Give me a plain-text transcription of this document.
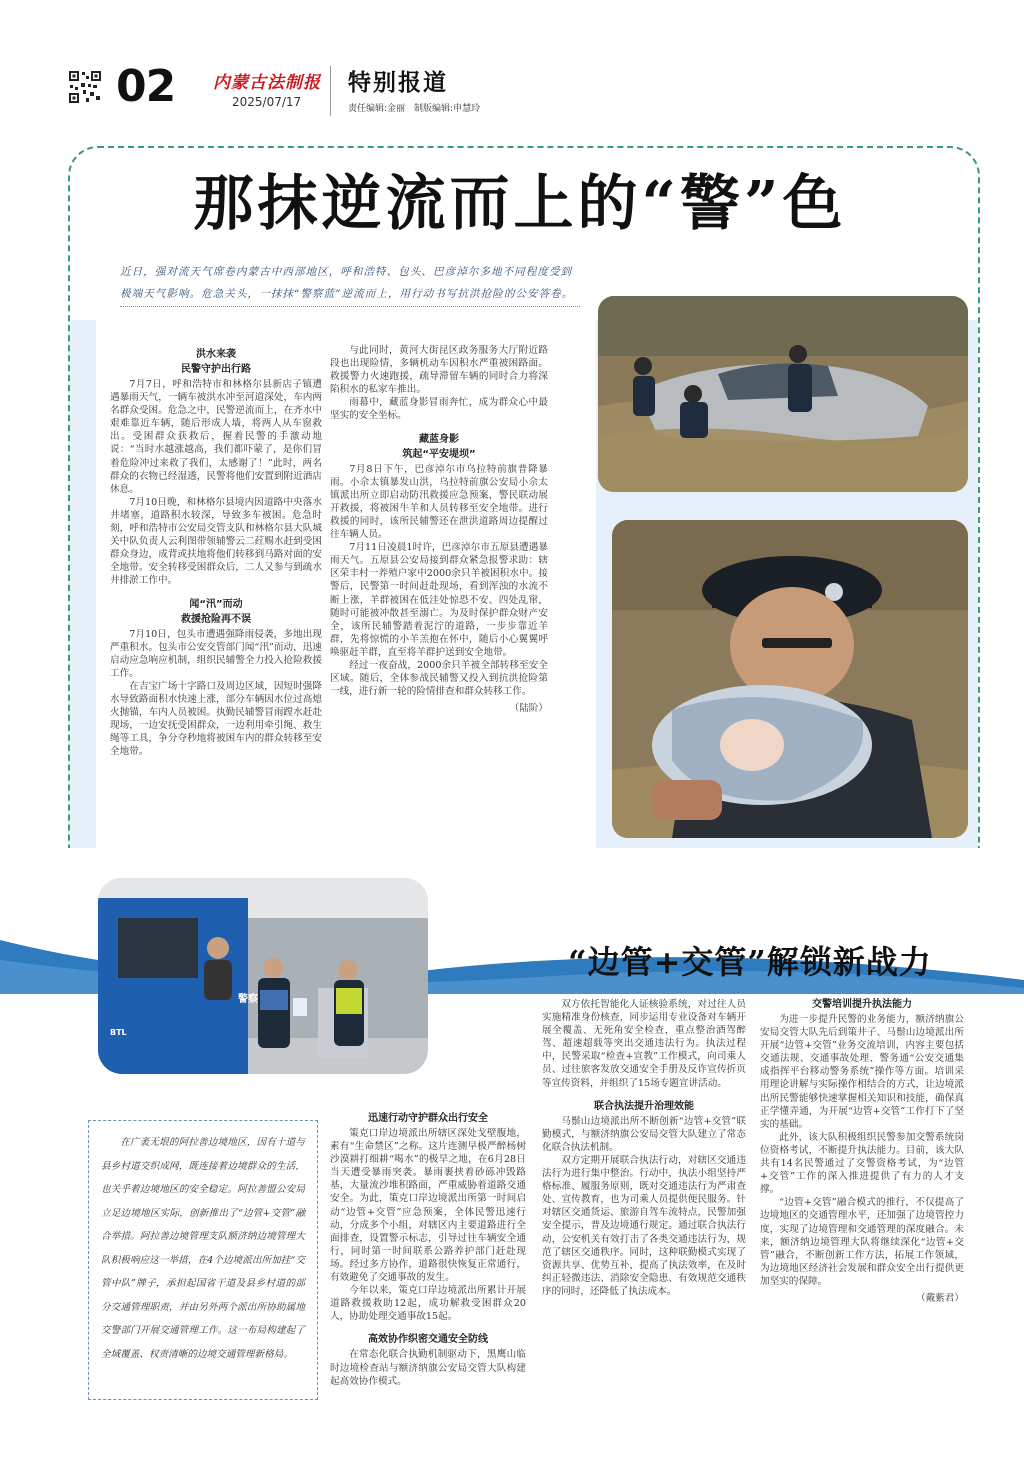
02 内蒙古法制报
2025/07/17
特别报道
责任编辑:金丽　制版编辑:申慧玲
那抹逆流而上的“警”色
近日，强对流天气席卷内蒙古中西部地区，呼和浩特、包头、巴彦淖尔多地不同程度受到极端天气影响。危急关头，一抹抹“警察蓝”逆流而上，用行动书写抗洪抢险的公安答卷。
洪水来袭
民警守护出行路

7月7日，呼和浩特市和林格尔县新店子镇遭遇暴雨天气，一辆车被洪水冲至河道深处，车内两名群众受困。危急之中，民警逆流而上，在齐水中艰难靠近车辆，随后形成人墙，将两人从车窗救出。受困群众获救后，握着民警的手激动地说：“当时水越涨越高，我们都吓蒙了，是你们冒着危险冲过来救了我们，太感谢了！”此时，两名群众的衣物已经湿透，民警将他们安置到附近酒店休息。

7月10日晚，和林格尔县境内因道路中央落水井堵塞，道路积水较深，导致多车被困。危急时刻，呼和浩特市公安局交管支队和林格尔县大队城关中队负责人云利图带领辅警云二荭赐水赶到受困群众身边，成背或扶地将他们转移到马路对面的安全地带。安全转移受困群众后，二人又参与到疏水井排淤工作中。

闻“汛”而动
救援抢险再不误

7月10日，包头市遭遇强降雨侵袭，多地出现严重积水。包头市公安交管部门闻“汛”而动，迅速启动应急响应机制，组织民辅警全力投入抢险救援工作。

在吉宝广场十字路口及周边区域，因短时强降水导致路面积水快速上涨，部分车辆因水位过高熄火抛锚，车内人员被困。执勤民辅警冒雨蹚水赶赴现场，一边安抚受困群众，一边利用牵引绳、救生绳等工具，争分夺秒地将被困车内的群众转移至安全地带。

与此同时，黄河大街昆区政务服务大厅附近路段也出现险情，多辆机动车因积水严重被困路面。救援警力火速跑援，疏导滞留车辆的同时合力将深陷积水的私家车推出。

雨幕中，藏蓝身影冒雨奔忙，成为群众心中最坚实的安全坐标。

藏蓝身影
筑起“平安堤坝”

7月8日下午，巴彦淖尔市乌拉特前旗普降暴雨。小佘太镇暴发山洪，乌拉特前旗公安局小佘太镇派出所立即启动防汛救援应急预案，警民联动展开救援，将被困牛羊和人员转移至安全地带。进行救援的同时，该所民辅警还在泄洪道路周边提醒过往车辆人员。

7月11日凌晨1时许，巴彦淖尔市五原县遭遇暴雨天气。五原县公安局接到群众紧急报警求助：辖区荣丰村一养殖户家中2000余只羊被困积水中。接警后，民警第一时间赶赴现场，看到浑浊的水流不断上涨，羊群被困在低洼处惊恐不安、四处乱窜，随时可能被冲散甚至溺亡。为及时保护群众财产安全，该所民辅警踏着泥泞的道路，一步步靠近羊群，先将惊慌的小羊羔抱在怀中，随后小心翼翼呼唤驱赶羊群，直至将羊群护送到安全地带。

经过一夜奋战，2000余只羊被全部转移至安全区域。随后，全体参战民辅警又投入到抗洪抢险第一线，进行新一轮的险情排查和群众转移工作。

（陆阶）
BTL
警察
“边管+交管”解锁新战力
在广袤无垠的阿拉善边境地区，因有十道与县乡村道交织成网，既连接着边境群众的生活，也关乎着边境地区的安全稳定。阿拉善盟公安局立足边境地区实际，创新推出了“边管+交管”融合举措。阿拉善边境管理支队额济纳边境管理大队积极响应这一举措，在4个边境派出所加挂“交管中队”牌子，承担起国省干道及县乡村道的部分交通管理职责，并由另外两个派出所协助属地交警部门开展交通管理工作。这一布局构建起了全域覆盖、权责清晰的边境交通管理新格局。
迅速行动守护群众出行安全

策克口岸边境派出所辖区深处戈壁腹地，素有“生命禁区”之称。这片连测早极严醉杨树沙漠耕打细耕“喝水”的极旱之地，在6月28日当天遭受暴雨突袭。暴雨裹挟着砂砾冲毁路基，大量流沙堆积路面，严重威胁着道路交通安全。为此，策克口岸边境派出所第一时间启动“边管+交管”应急预案，全体民警迅速行动，分成多个小组，对辖区内主要道路进行全面排查，设置警示标志，引导过往车辆安全通行，同时第一时间联系公路养护部门赶赴现场。经过多方协作，道路很快恢复正常通行，有效避免了交通事故的发生。

今年以来，策克口岸边境派出所累计开展道路救援救助12起，成功解救受困群众20人，协助处理交通事故15起。

高效协作织密交通安全防线

在常态化联合执勤机制驱动下，黑鹰山临时边境检查站与额济纳旗公安局交管大队构建起高效协作模式。

双方依托智能化人证核验系统，对过往人员实施精准身份核查，同步运用专业设备对车辆开展全覆盖、无死角安全检查，重点整治酒驾醉驾、超速超载等突出交通违法行为。执法过程中，民警采取“检查+宣教”工作模式，向司乘人员、过往旅客发放交通安全手册及反诈宣传折页等宣传资料，并组织了15场专题宣讲活动。

联合执法提升治理效能

马鬃山边境派出所不断创新“边管+交管”联勤模式，与额济纳旗公安局交管大队建立了常态化联合执法机制。

双方定期开展联合执法行动，对辖区交通违法行为进行集中整治。行动中，执法小组坚持严格标准、履服务原则，既对交通违法行为严肃查处、宣传教育，也为司乘人员提供便民服务。针对辖区交通货运、旅游自驾车流特点，民警加强安全提示，普及边境通行规定。通过联合执法行动，公安机关有效打击了各类交通违法行为，规范了辖区交通秩序。同时，这种联勤模式实现了资源共享、优势互补，提高了执法效率，在及时纠正轻微违法、消除安全隐患、有效规范交通秩序的同时，还降低了执法成本。

交警培训提升执法能力

为进一步提升民警的业务能力，额济纳旗公安局交管大队先后到策井子、马鬃山边境派出所开展“边管+交管”业务交流培训，内容主要包括交通法规、交通事故处理、警务通“公安交通集成指挥平台移动警务系统”操作等方面。培训采用理论讲解与实际操作相结合的方式，让边境派出所民警能够快速掌握相关知识和技能，确保真正学懂弄通，为开展“边管+交管”工作打下了坚实的基础。

此外，该大队积极组织民警参加交警系统岗位资格考试，不断提升执法能力。目前，该大队共有14名民警通过了交警资格考试，为“边管+交管”工作的深入推进提供了有力的人才支撑。

“边管+交管”融合模式的推行，不仅提高了边境地区的交通管理水平，还加强了边境管控力度，实现了边境管理和交通管理的深度融合。未来，额济纳边境管理大队将继续深化“边管+交管”融合，不断创新工作方法，拓展工作领域，为边境地区经济社会发展和群众安全出行提供更加坚实的保障。

（戴紫君）
